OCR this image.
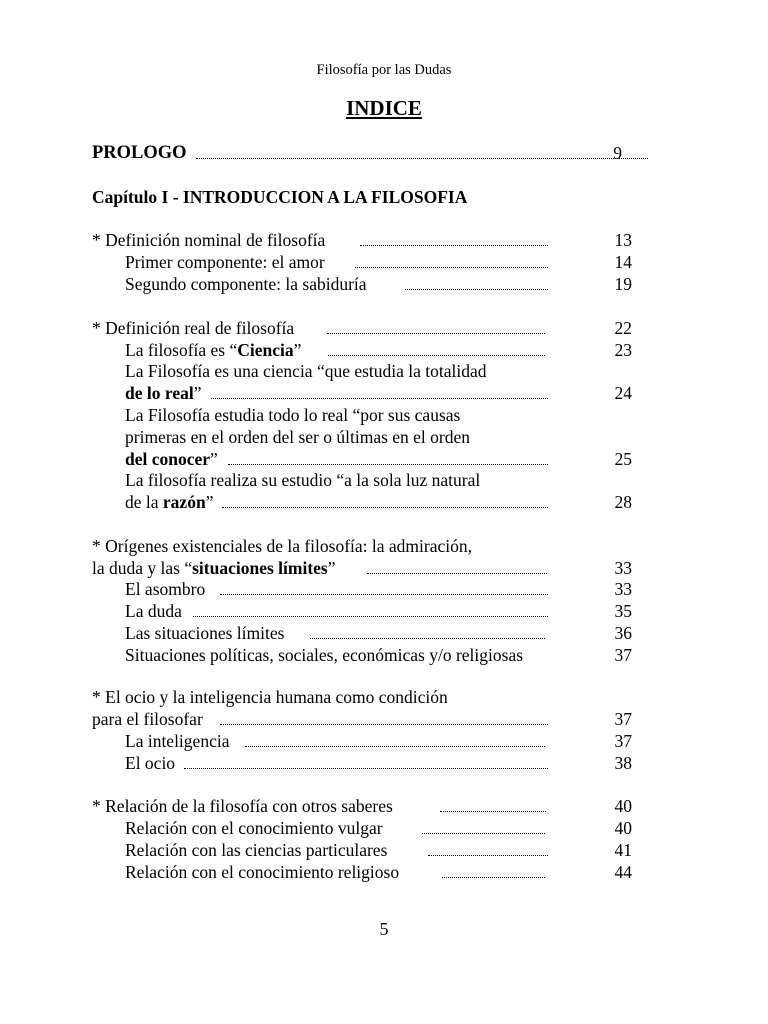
Filosofía por las Dudas
INDICE
PROLOGO	9
Capítulo I - INTRODUCCION A LA FILOSOFIA
* Definición nominal de filosofía	13
Primer componente: el amor	14
Segundo componente: la sabiduría	19
* Definición real de filosofía	22
La filosofía es “Ciencia”	23
La Filosofía es una ciencia “que estudia la totalidad
de lo real”	24
La Filosofía estudia todo lo real “por sus causas
primeras en el orden del ser o últimas en el orden
del conocer”	25
La filosofía realiza su estudio “a la sola luz natural
de la razón”	28
* Orígenes existenciales de la filosofía: la admiración,
la duda y las “situaciones límites”	33
El asombro	33
La duda	35
Las situaciones límites	36
Situaciones políticas, sociales, económicas y/o religiosas	37
* El ocio y la inteligencia humana como condición
para el filosofar	37
La inteligencia	37
El ocio	38
* Relación de la filosofía con otros saberes	40
Relación con el conocimiento vulgar	40
Relación con las ciencias particulares	41
Relación con el conocimiento religioso	44
5
